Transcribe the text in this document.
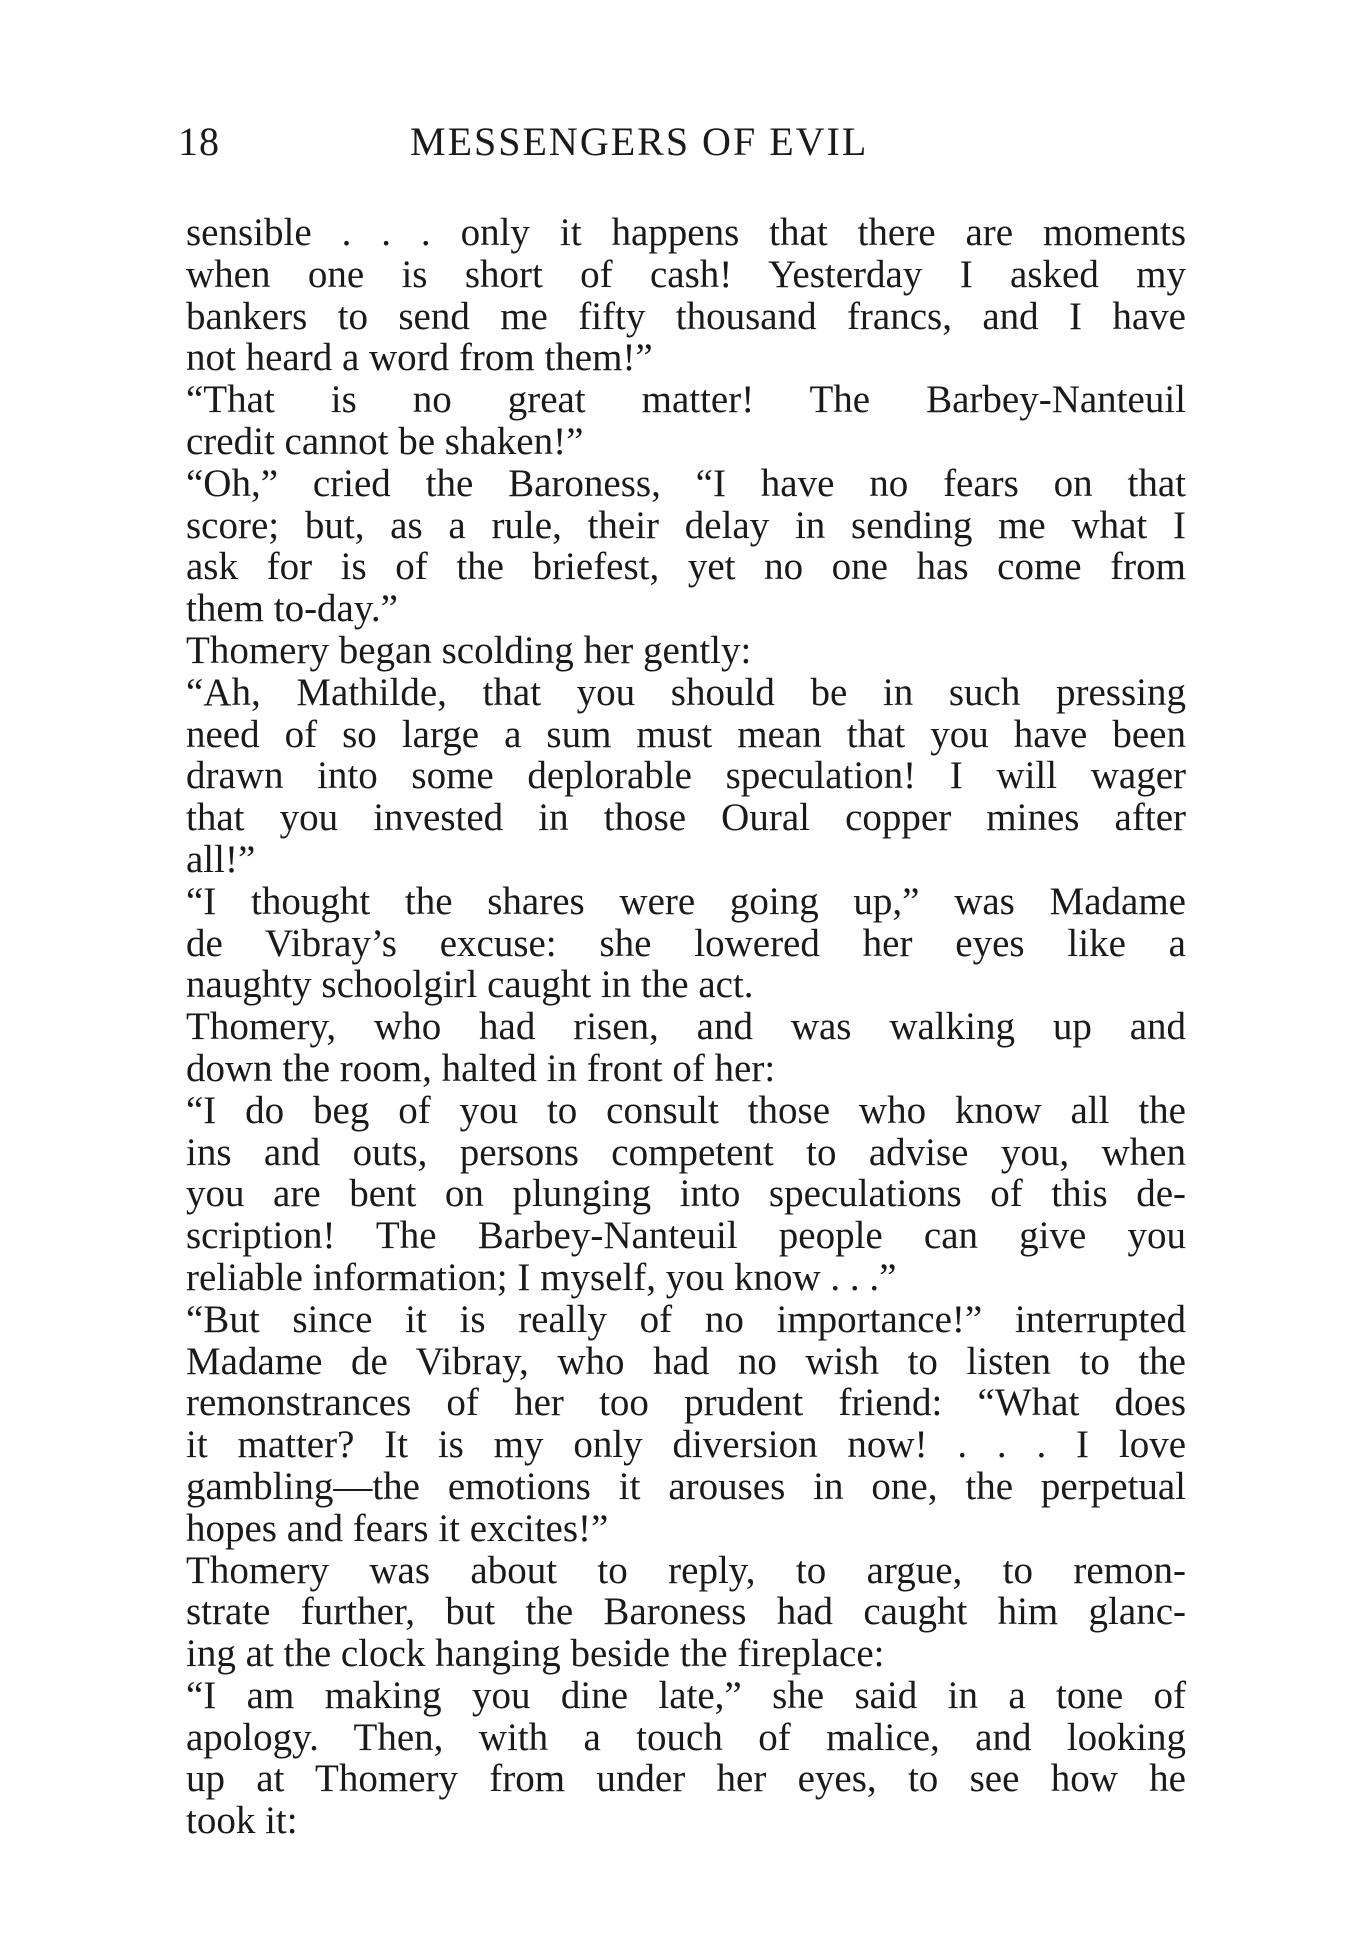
18	MESSENGERS OF EVIL
sensible . . . only it happens that there are moments
when one is short of cash! Yesterday I asked my
bankers to send me fifty thousand francs, and I have
not heard a word from them!”
“That is no great matter! The Barbey-Nanteuil
credit cannot be shaken!”
“Oh,” cried the Baroness, “I have no fears on that
score; but, as a rule, their delay in sending me what I
ask for is of the briefest, yet no one has come from
them to-day.”
Thomery began scolding her gently:
“Ah, Mathilde, that you should be in such pressing
need of so large a sum must mean that you have been
drawn into some deplorable speculation! I will wager
that you invested in those Oural copper mines after
all!”
“I thought the shares were going up,” was Madame
de Vibray’s excuse: she lowered her eyes like a
naughty schoolgirl caught in the act.
Thomery, who had risen, and was walking up and
down the room, halted in front of her:
“I do beg of you to consult those who know all the
ins and outs, persons competent to advise you, when
you are bent on plunging into speculations of this de-
scription! The Barbey-Nanteuil people can give you
reliable information; I myself, you know . . .”
“But since it is really of no importance!” interrupted
Madame de Vibray, who had no wish to listen to the
remonstrances of her too prudent friend: “What does
it matter? It is my only diversion now! . . . I love
gambling—the emotions it arouses in one, the perpetual
hopes and fears it excites!”
Thomery was about to reply, to argue, to remon-
strate further, but the Baroness had caught him glanc-
ing at the clock hanging beside the fireplace:
“I am making you dine late,” she said in a tone of
apology. Then, with a touch of malice, and looking
up at Thomery from under her eyes, to see how he
took it:
